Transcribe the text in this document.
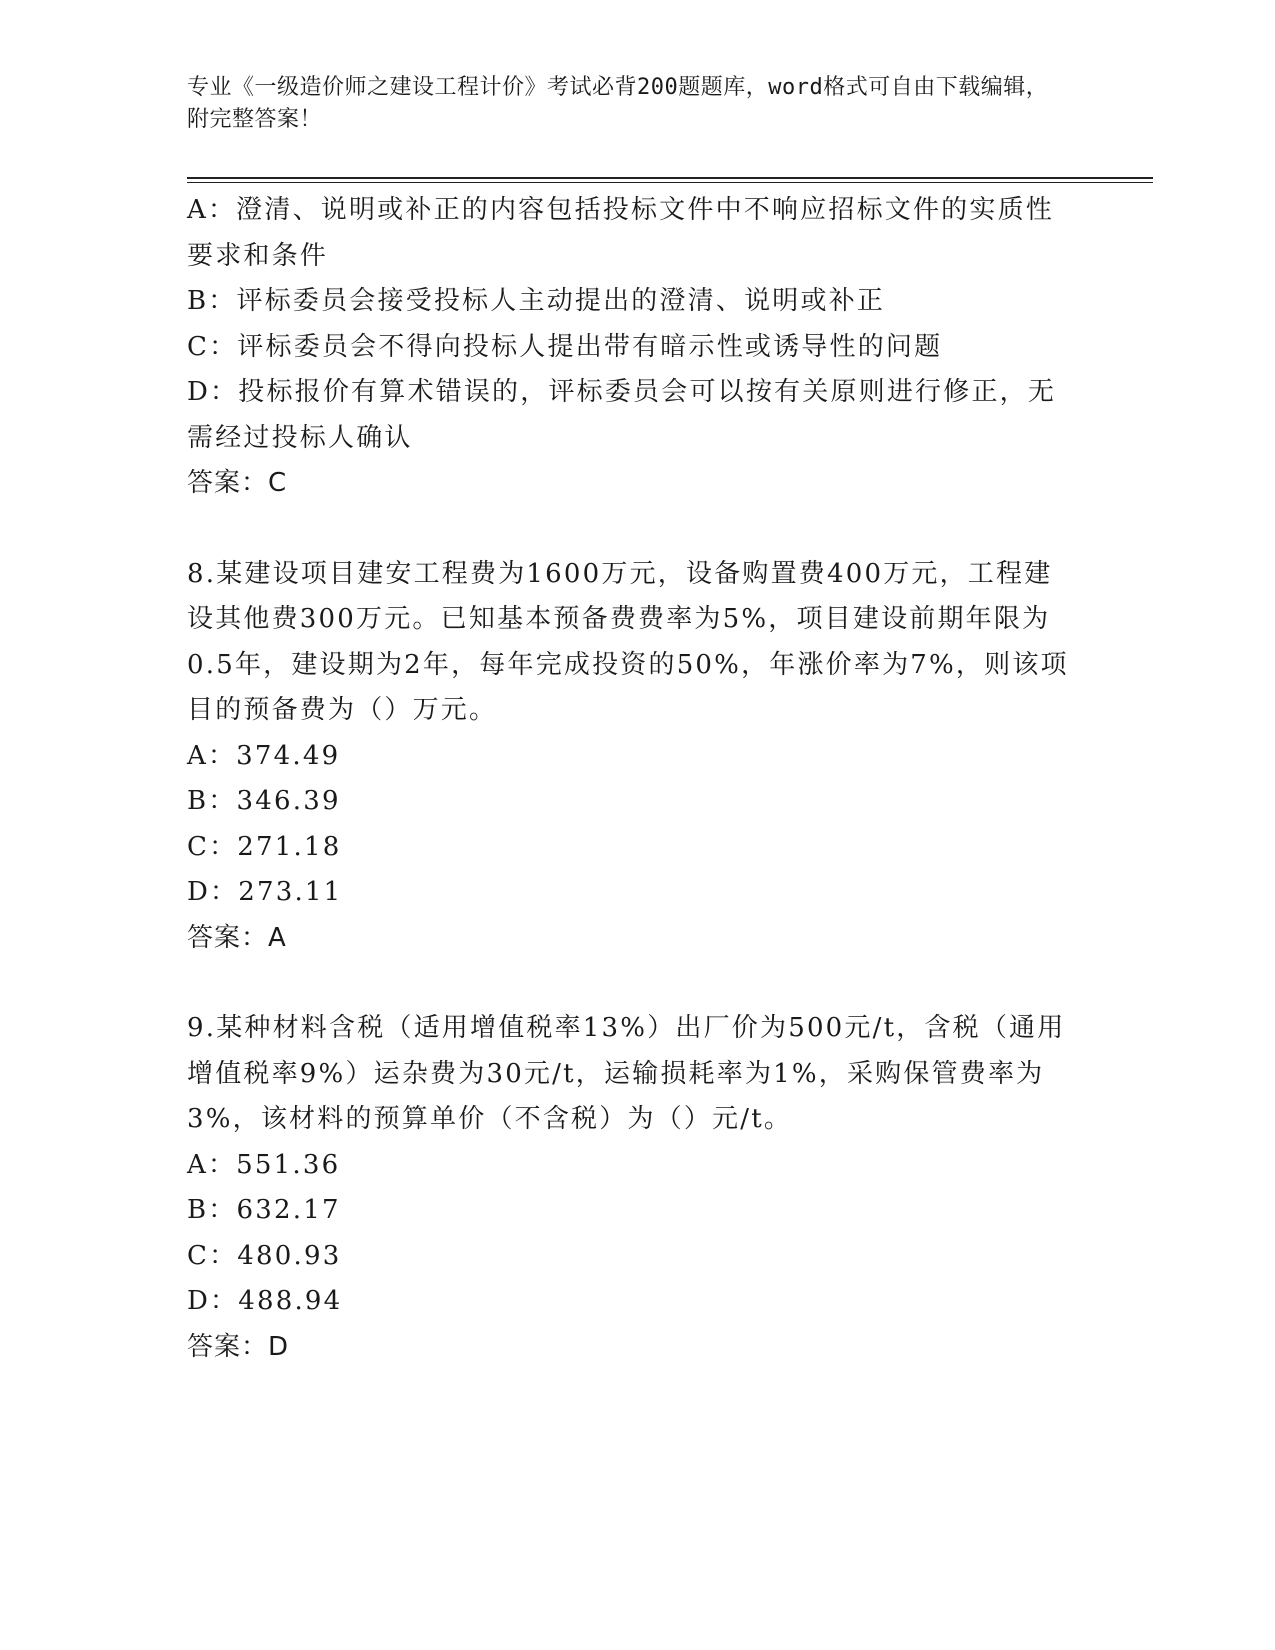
专业《一级造价师之建设工程计价》考试必背200题题库，word格式可自由下载编辑，附完整答案！
A：澄清、说明或补正的内容包括投标文件中不响应招标文件的实质性要求和条件
B：评标委员会接受投标人主动提出的澄清、说明或补正
C：评标委员会不得向投标人提出带有暗示性或诱导性的问题
D：投标报价有算术错误的，评标委员会可以按有关原则进行修正，无需经过投标人确认
答案：C
8.某建设项目建安工程费为1600万元，设备购置费400万元，工程建设其他费300万元。已知基本预备费费率为5%，项目建设前期年限为0.5年，建设期为2年，每年完成投资的50%，年涨价率为7%，则该项目的预备费为（）万元。
A：374.49
B：346.39
C：271.18
D：273.11
答案：A
9.某种材料含税（适用增值税率13%）出厂价为500元/t，含税（通用增值税率9%）运杂费为30元/t，运输损耗率为1%，采购保管费率为3%，该材料的预算单价（不含税）为（）元/t。
A：551.36
B：632.17
C：480.93
D：488.94
答案：D
